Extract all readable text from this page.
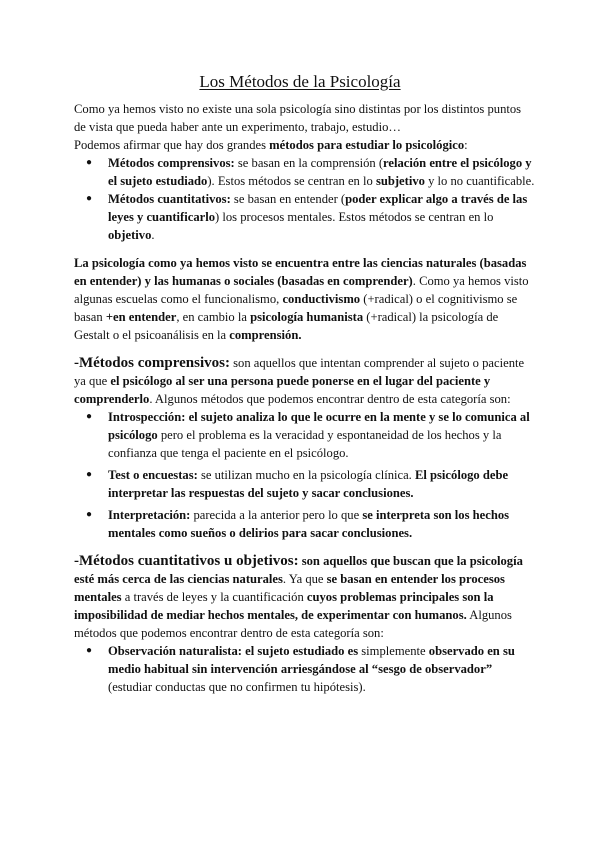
Los Métodos de la Psicología

Como ya hemos visto no existe una sola psicología sino distintas por los distintos puntos de vista que pueda haber ante un experimento, trabajo, estudio…
Podemos afirmar que hay dos grandes métodos para estudiar lo psicológico:

● Métodos comprensivos: se basan en la comprensión (relación entre el psicólogo y el sujeto estudiado). Estos métodos se centran en lo subjetivo y lo no cuantificable.
● Métodos cuantitativos: se basan en entender (poder explicar algo a través de las leyes y cuantificarlo) los procesos mentales. Estos métodos se centran en lo objetivo.

La psicología como ya hemos visto se encuentra entre las ciencias naturales (basadas en entender) y las humanas o sociales (basadas en comprender). Como ya hemos visto algunas escuelas como el funcionalismo, conductivismo (+radical) o el cognitivismo se basan +en entender, en cambio la psicología humanista (+radical) la psicología de Gestalt o el psicoanálisis en la comprensión.

-Métodos comprensivos: son aquellos que intentan comprender al sujeto o paciente ya que el psicólogo al ser una persona puede ponerse en el lugar del paciente y comprenderlo. Algunos métodos que podemos encontrar dentro de esta categoría son:

● Introspección: el sujeto analiza lo que le ocurre en la mente y se lo comunica al psicólogo pero el problema es la veracidad y espontaneidad de los hechos y la confianza que tenga el paciente en el psicólogo.
● Test o encuestas: se utilizan mucho en la psicología clínica. El psicólogo debe interpretar las respuestas del sujeto y sacar conclusiones.
● Interpretación: parecida a la anterior pero lo que se interpreta son los hechos mentales como sueños o delirios para sacar conclusiones.

-Métodos cuantitativos u objetivos: son aquellos que buscan que la psicología esté más cerca de las ciencias naturales. Ya que se basan en entender los procesos mentales a través de leyes y la cuantificación cuyos problemas principales son la imposibilidad de mediar hechos mentales, de experimentar con humanos. Algunos métodos que podemos encontrar dentro de esta categoría son:

● Observación naturalista: el sujeto estudiado es simplemente observado en su medio habitual sin intervención arriesgándose al “sesgo de observador” (estudiar conductas que no confirmen tu hipótesis).
